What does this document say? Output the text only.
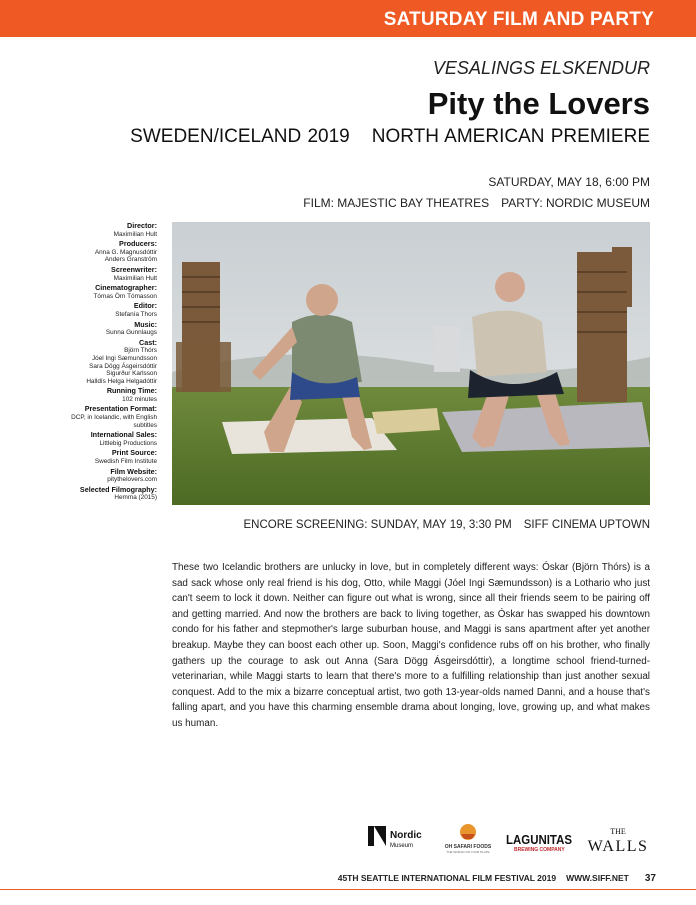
SATURDAY FILM AND PARTY
VESALINGS ELSKENDUR
Pity the Lovers
SWEDEN/ICELAND 2019 NORTH AMERICAN PREMIERE
SATURDAY, MAY 18, 6:00 PM
FILM: MAJESTIC BAY THEATRES PARTY: NORDIC MUSEUM
Director:
Maximilian Hult
Producers:
Anna G. Magnusdóttir
Anders Granström
Screenwriter:
Maximilian Hult
Cinematographer:
Tómas Örn Tómasson
Editor:
Stefanía Thors
Music:
Sunna Gunnlaugs
Cast:
Björn Thórs
Jóel Ingi Sæmundsson
Sara Dögg Ásgeirsdóttir
Sigurður Karlsson
Halldís Helga Helgadóttir
Running Time:
102 minutes
Presentation Format:
DCP, in Icelandic, with English
subtitles
International Sales:
Littlebig Productions
Print Source:
Swedish Film Institute
Film Website:
pitythelovers.com
Selected Filmography:
Hemma (2015)
ENCORE SCREENING: SUNDAY, MAY 19, 3:30 PM SIFF CINEMA UPTOWN

These two Icelandic brothers are unlucky in love, but in completely different ways: Óskar (Björn Thórs) is a sad sack whose only real friend is his dog, Otto, while Maggi (Jóel Ingi Sæmundsson) is a Lothario who just can't seem to lock it down. Neither can figure out what is wrong, since all their friends seem to be pairing off and getting married. And now the brothers are back to living together, as Óskar has swapped his downtown condo for his father and stepmother's large suburban house, and Maggi is sans apartment after yet another breakup. Maybe they can boost each other up. Soon, Maggi's confidence rubs off on his brother, who finally gathers up the courage to ask out Anna (Sara Dögg Ásgeirsdóttir), a longtime school friend-turned-veterinarian, while Maggi starts to learn that there's more to a fulfilling relationship than just another sexual conquest. Add to the mix a bizarre conceptual artist, two goth 13-year-olds named Danni, and a house that's falling apart, and you have this charming ensemble drama about longing, love, growing up, and what makes us human.

Nordic
Museum	OH SAFARI FOODS
THE WORLD ON YOUR PLATE
LAGUNITAS
BREWING COMPANY
THE
WALLS
45TH SEATTLE INTERNATIONAL FILM FESTIVAL 2019 WWW.SIFF.NET 37
